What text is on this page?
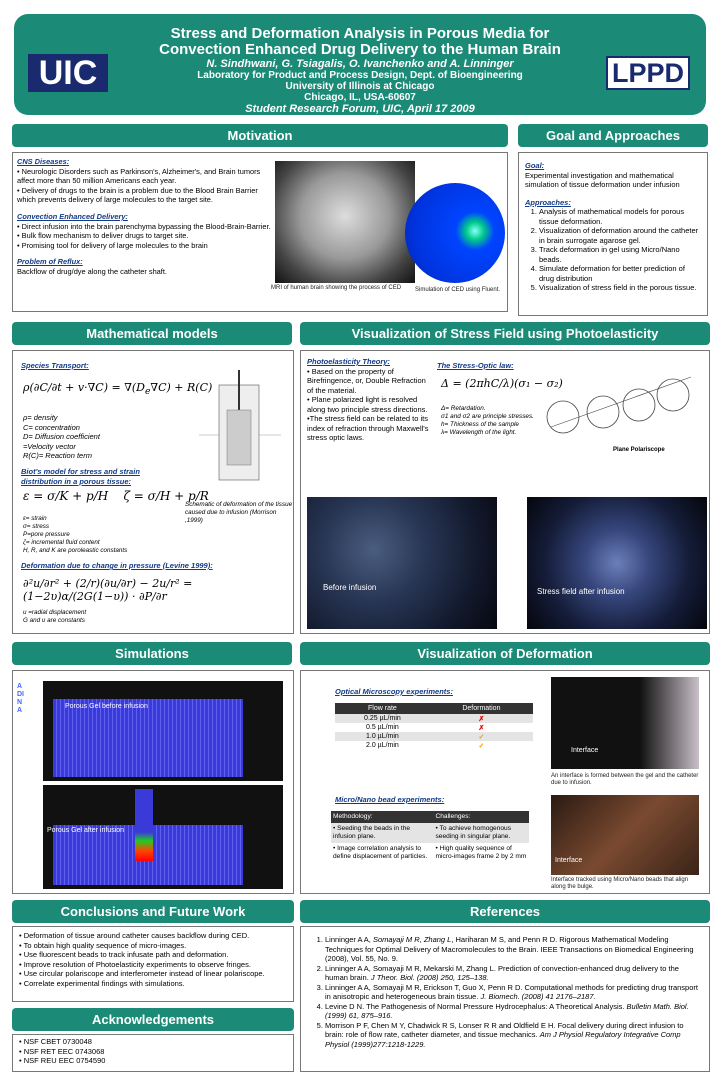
Stress and Deformation Analysis in Porous Media for
Convection Enhanced Drug Delivery to the Human Brain
N. Sindhwani, G. Tsiagalis, O. Ivanchenko and A. Linninger
Laboratory for Product and Process Design, Dept. of Bioengineering
University of Illinois at Chicago
Chicago, IL, USA-60607
Student Research Forum, UIC, April 17 2009
UIC	LPPD
Motivation
CNS Diseases:
• Neurologic Disorders such as Parkinson's, Alzheimer's, and Brain tumors affect more than 50 million Americans each year.
• Delivery of drugs to the brain is a problem due to the Blood Brain Barrier which prevents delivery of large molecules to the target site.
Convection Enhanced Delivery:
• Direct infusion into the brain parenchyma bypassing the Blood-Brain-Barrier.
• Bulk flow mechanism to deliver drugs to target site.
• Promising tool for delivery of large molecules to the brain
Problem of Reflux:
Backflow of drug/dye along the catheter shaft.
MRI of human brain showing the process of CED	Simulation of CED using Fluent.
Goal and Approaches
Goal:
Experimental investigation and mathematical simulation of tissue deformation under infusion
Approaches:
1. Analysis of mathematical models for porous tissue deformation.
2. Visualization of deformation around the catheter in brain surrogate agarose gel.
3. Track deformation in gel using Micro/Nano beads.
4. Simulate deformation for better prediction of drug distribution
5. Visualization of stress field in the porous tissue.
Mathematical models
Species Transport:
$\rho(\partial C/\partial t + v\cdot\nabla C) = \nabla(D_e\nabla C) + R(C)$
ρ= density
C= concentration
D= Diffusion coefficient
=Velocity vector
R(C)= Reaction term
Biot's model for stress and strain distribution in a porous tissue:
ε = σ/K + p/H    ζ = σ/H + p/R
ε= strain
σ= stress
P=pore pressure
ζ= incremental fluid content
H, R, and K are poroleastic constants
Schematic of deformation of the tissue caused due to infusion (Morrison ,1999)
Deformation due to change in pressure (Levine 1999):
∂²u/∂r² + (2/r)(∂u/∂r) − 2u/r² = (1−2υ)α/(2G(1−υ)) · ∂P/∂r
u =radial displacement
G and υ are constants
Visualization of Stress Field using Photoelasticity
Photoelasticity Theory:
• Based on the property of Birefringence, or, Double Refraction of the material.
• Plane polarized light is resolved along two principle stress directions.
•The stress field can be related to its index of refraction through Maxwell's stress optic laws.
The Stress-Optic law:
Δ = (2πhC/λ)(σ₁ − σ₂)
Δ= Retardation.
σ1 and σ2 are principle stresses.
h= Thickness of the sample
λ= Wavelength of the light.
Plane Polariscope
Before infusion	Stress field after infusion
Simulations
Porous Gel before infusion
ADINA
Porous Gel after infusion
Visualization of Deformation
Optical Microscopy experiments:
Flow rate	Deformation
0.25 µL/min	✗
0.5 µL/min	✗
1.0 µL/min	✓
2.0 µL/min	✓
Micro/Nano bead experiments:
Methodology:	Challenges:
• Seeding the beads in the infusion plane.	• To achieve homogenous seeding in singular plane.
• Image correlation analysis to define displacement of particles.	• High quality sequence of micro-images frame 2 by 2 mm
Interface
An interface is formed between the gel and the catheter due to infusion.
Interface
Interface tracked using Micro/Nano beads that align along the bulge.
Conclusions and Future Work
• Deformation of tissue around catheter causes backflow during CED.
• To obtain high quality sequence of micro-images.
• Use fluorescent beads to track infusate path and deformation.
• Improve resolution of Photoelasticity experiments to observe fringes.
• Use circular polariscope and interferometer instead of linear polariscope.
• Correlate experimental findings with simulations.
Acknowledgements
• NSF CBET 0730048
• NSF RET EEC 0743068
• NSF REU EEC 0754590
References
1. Linninger A A, Somayaji M R, Zhang L, Hariharan M S, and Penn R D. Rigorous Mathematical Modeling Techniques for Optimal Delivery of Macromolecules to the Brain. IEEE Transactions on Biomedical Engineering (2008), Vol. 55, No. 9.
2. Linninger A A, Somayaji M R, Mekarski M, Zhang L. Prediction of convection-enhanced drug delivery to the human brain. J Theor. Biol. (2008) 250, 125–138.
3. Linninger A A, Somayaji M R, Erickson T, Guo X, Penn R D. Computational methods for predicting drug transport in anisotropic and heterogeneous brain tissue. J. Biomech. (2008) 41 2176–2187.
4. Levine D N. The Pathogenesis of Normal Pressure Hydrocephalus: A Theoretical Analysis. Bulletin Math. Biol.(1999) 61, 875–916.
5. Morrison P F, Chen M Y, Chadwick R S, Lonser R R and Oldfield E H. Focal delivery during direct infusion to brain: role of flow rate, catheter diameter, and tissue mechanics. Am J Physiol Regulatory Integrative Comp Physiol (1999)277:1218-1229.
